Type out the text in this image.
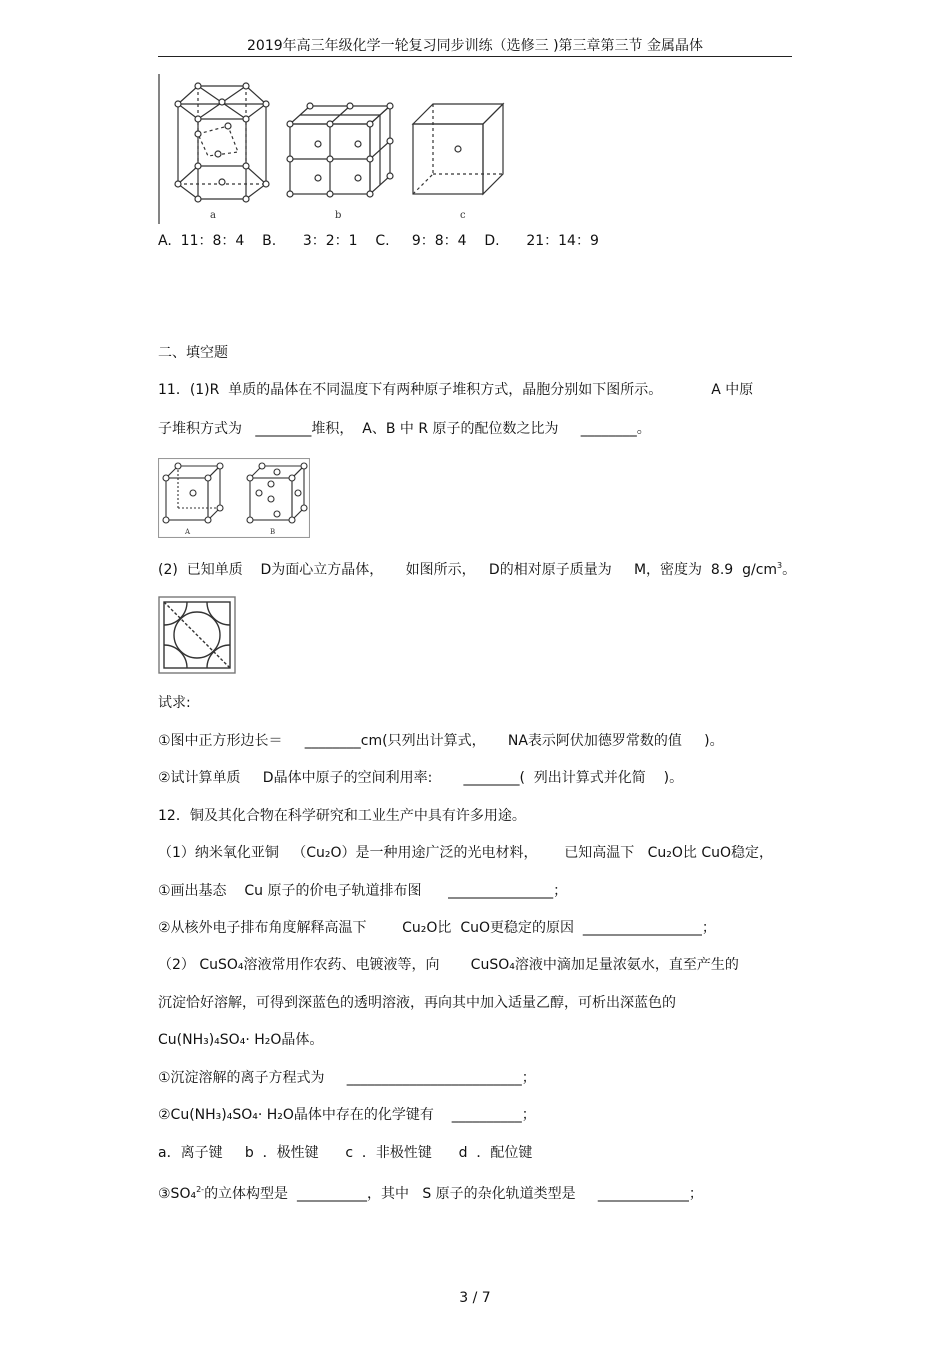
2019年高三年级化学一轮复习同步训练（选修三 )第三章第三节 金属晶体
a	b	c
A.  11：8：4    B.      3：2：1    C.     9：8：4    D.      21：14：9
二、填空题
11．(1)R  单质的晶体在不同温度下有两种原子堆积方式，晶胞分别如下图所示。           A 中原
子堆积方式为   ________堆积，  A、B 中 R 原子的配位数之比为     ________。
A	B
(2)  已知单质    D为面心立方晶体，     如图所示，   D的相对原子质量为     M，密度为  8.9  $g/cm^3$。
试求:
①图中正方形边长＝     ________cm(只列出计算式，     NA表示阿伏加德罗常数的值     )。
②试计算单质     D晶体中原子的空间利用率:       ________(  列出计算式并化简    )。
12．铜及其化合物在科学研究和工业生产中具有许多用途。
（1）纳米氧化亚铜   （Cu₂O）是一种用途广泛的光电材料，      已知高温下   Cu₂O比 CuO稳定，
①画出基态    Cu 原子的价电子轨道排布图      _______________；
②从核外电子排布角度解释高温下        Cu₂O比  CuO更稳定的原因  _________________；
（2） CuSO₄溶液常用作农药、电镀液等，向       CuSO₄溶液中滴加足量浓氨水，直至产生的
沉淀恰好溶解，可得到深蓝色的透明溶液，再向其中加入适量乙醇，可析出深蓝色的
Cu(NH₃)₄SO₄· H₂O晶体。
①沉淀溶解的离子方程式为     _________________________；
②Cu(NH₃)₄SO₄· H₂O晶体中存在的化学键有    __________；
a．离子键     b  ．极性键      c  ．非极性键      d  ．配位键
③SO₄$^{2-}$的立体构型是  __________，其中   S 原子的杂化轨道类型是     _____________；
3 / 7
